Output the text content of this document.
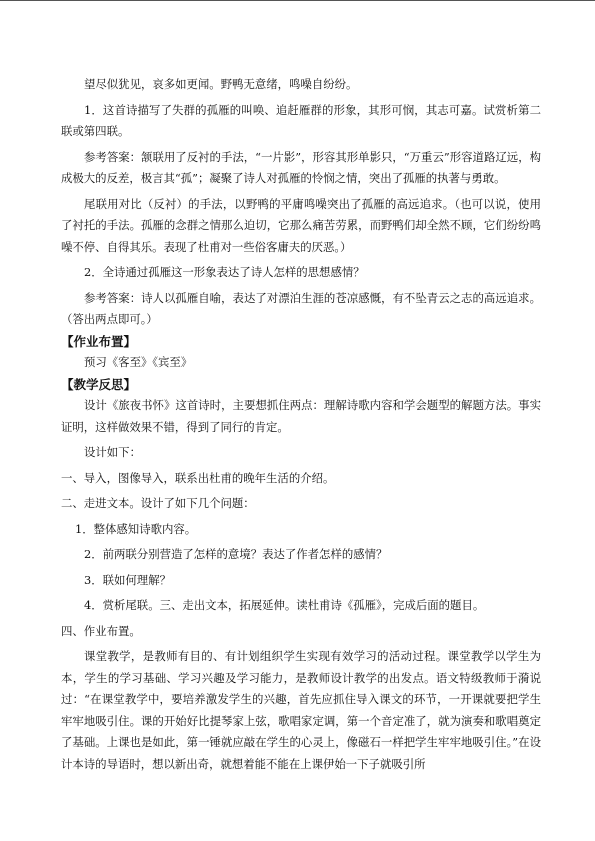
望尽似犹见，哀多如更闻。野鸭无意绪，鸣噪自纷纷。

1．这首诗描写了失群的孤雁的叫唤、追赶雁群的形象，其形可悯，其志可嘉。试赏析第二联或第四联。

参考答案：颔联用了反衬的手法，“一片影”，形容其形单影只，“万重云”形容道路辽远，构成极大的反差，极言其“孤”；凝聚了诗人对孤雁的怜悯之情，突出了孤雁的执著与勇敢。

尾联用对比（反衬）的手法，以野鸭的平庸鸣噪突出了孤雁的高远追求。（也可以说，使用了衬托的手法。孤雁的念群之情那么迫切，它那么痛苦劳累，而野鸭们却全然不顾，它们纷纷鸣噪不停、自得其乐。表现了杜甫对一些俗客庸夫的厌恶。）

2．全诗通过孤雁这一形象表达了诗人怎样的思想感情？

参考答案：诗人以孤雁自喻，表达了对漂泊生涯的苍凉感慨，有不坠青云之志的高远追求。（答出两点即可。）

【作业布置】

预习《客至》《宾至》

【教学反思】

设计《旅夜书怀》这首诗时，主要想抓住两点：理解诗歌内容和学会题型的解题方法。事实证明，这样做效果不错，得到了同行的肯定。

设计如下：

一、导入，图像导入，联系出杜甫的晚年生活的介绍。

二、走进文本。设计了如下几个问题：

1．整体感知诗歌内容。

2．前两联分别营造了怎样的意境？表达了作者怎样的感情？

3．联如何理解？

4．赏析尾联。三、走出文本，拓展延伸。读杜甫诗《孤雁》，完成后面的题目。

四、作业布置。

课堂教学，是教师有目的、有计划组织学生实现有效学习的活动过程。课堂教学以学生为本，学生的学习基础、学习兴趣及学习能力，是教师设计教学的出发点。语文特级教师于漪说过：“在课堂教学中，要培养激发学生的兴趣，首先应抓住导入课文的环节，一开课就要把学生牢牢地吸引住。课的开始好比提琴家上弦，歌唱家定调，第一个音定准了，就为演奏和歌唱奠定了基础。上课也是如此，第一锤就应敲在学生的心灵上，像磁石一样把学生牢牢地吸引住。”在设计本诗的导语时，想以新出奇，就想着能不能在上课伊始一下子就吸引所
